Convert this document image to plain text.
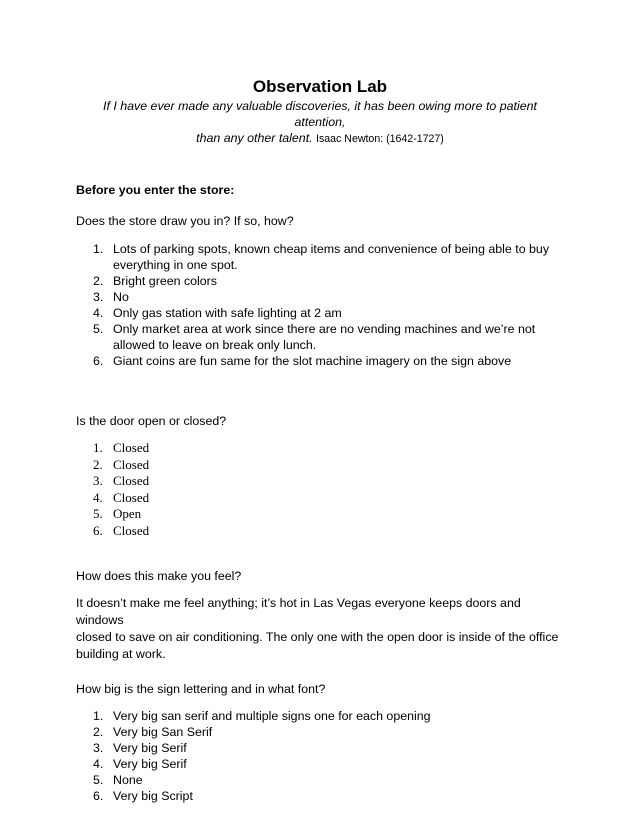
Observation Lab
If I have ever made any valuable discoveries, it has been owing more to patient attention,
than any other talent. Isaac Newton: (1642-1727)

Before you enter the store:

Does the store draw you in? If so, how?

1. Lots of parking spots, known cheap items and convenience of being able to buy
everything in one spot.
2. Bright green colors
3. No
4. Only gas station with safe lighting at 2 am
5. Only market area at work since there are no vending machines and we’re not
allowed to leave on break only lunch.
6. Giant coins are fun same for the slot machine imagery on the sign above

Is the door open or closed?

1. Closed
2. Closed
3. Closed
4. Closed
5. Open
6. Closed

How does this make you feel?

It doesn’t make me feel anything; it’s hot in Las Vegas everyone keeps doors and windows
closed to save on air conditioning. The only one with the open door is inside of the office
building at work.

How big is the sign lettering and in what font?

1. Very big san serif and multiple signs one for each opening
2. Very big San Serif
3. Very big Serif
4. Very big Serif
5. None
6. Very big Script
